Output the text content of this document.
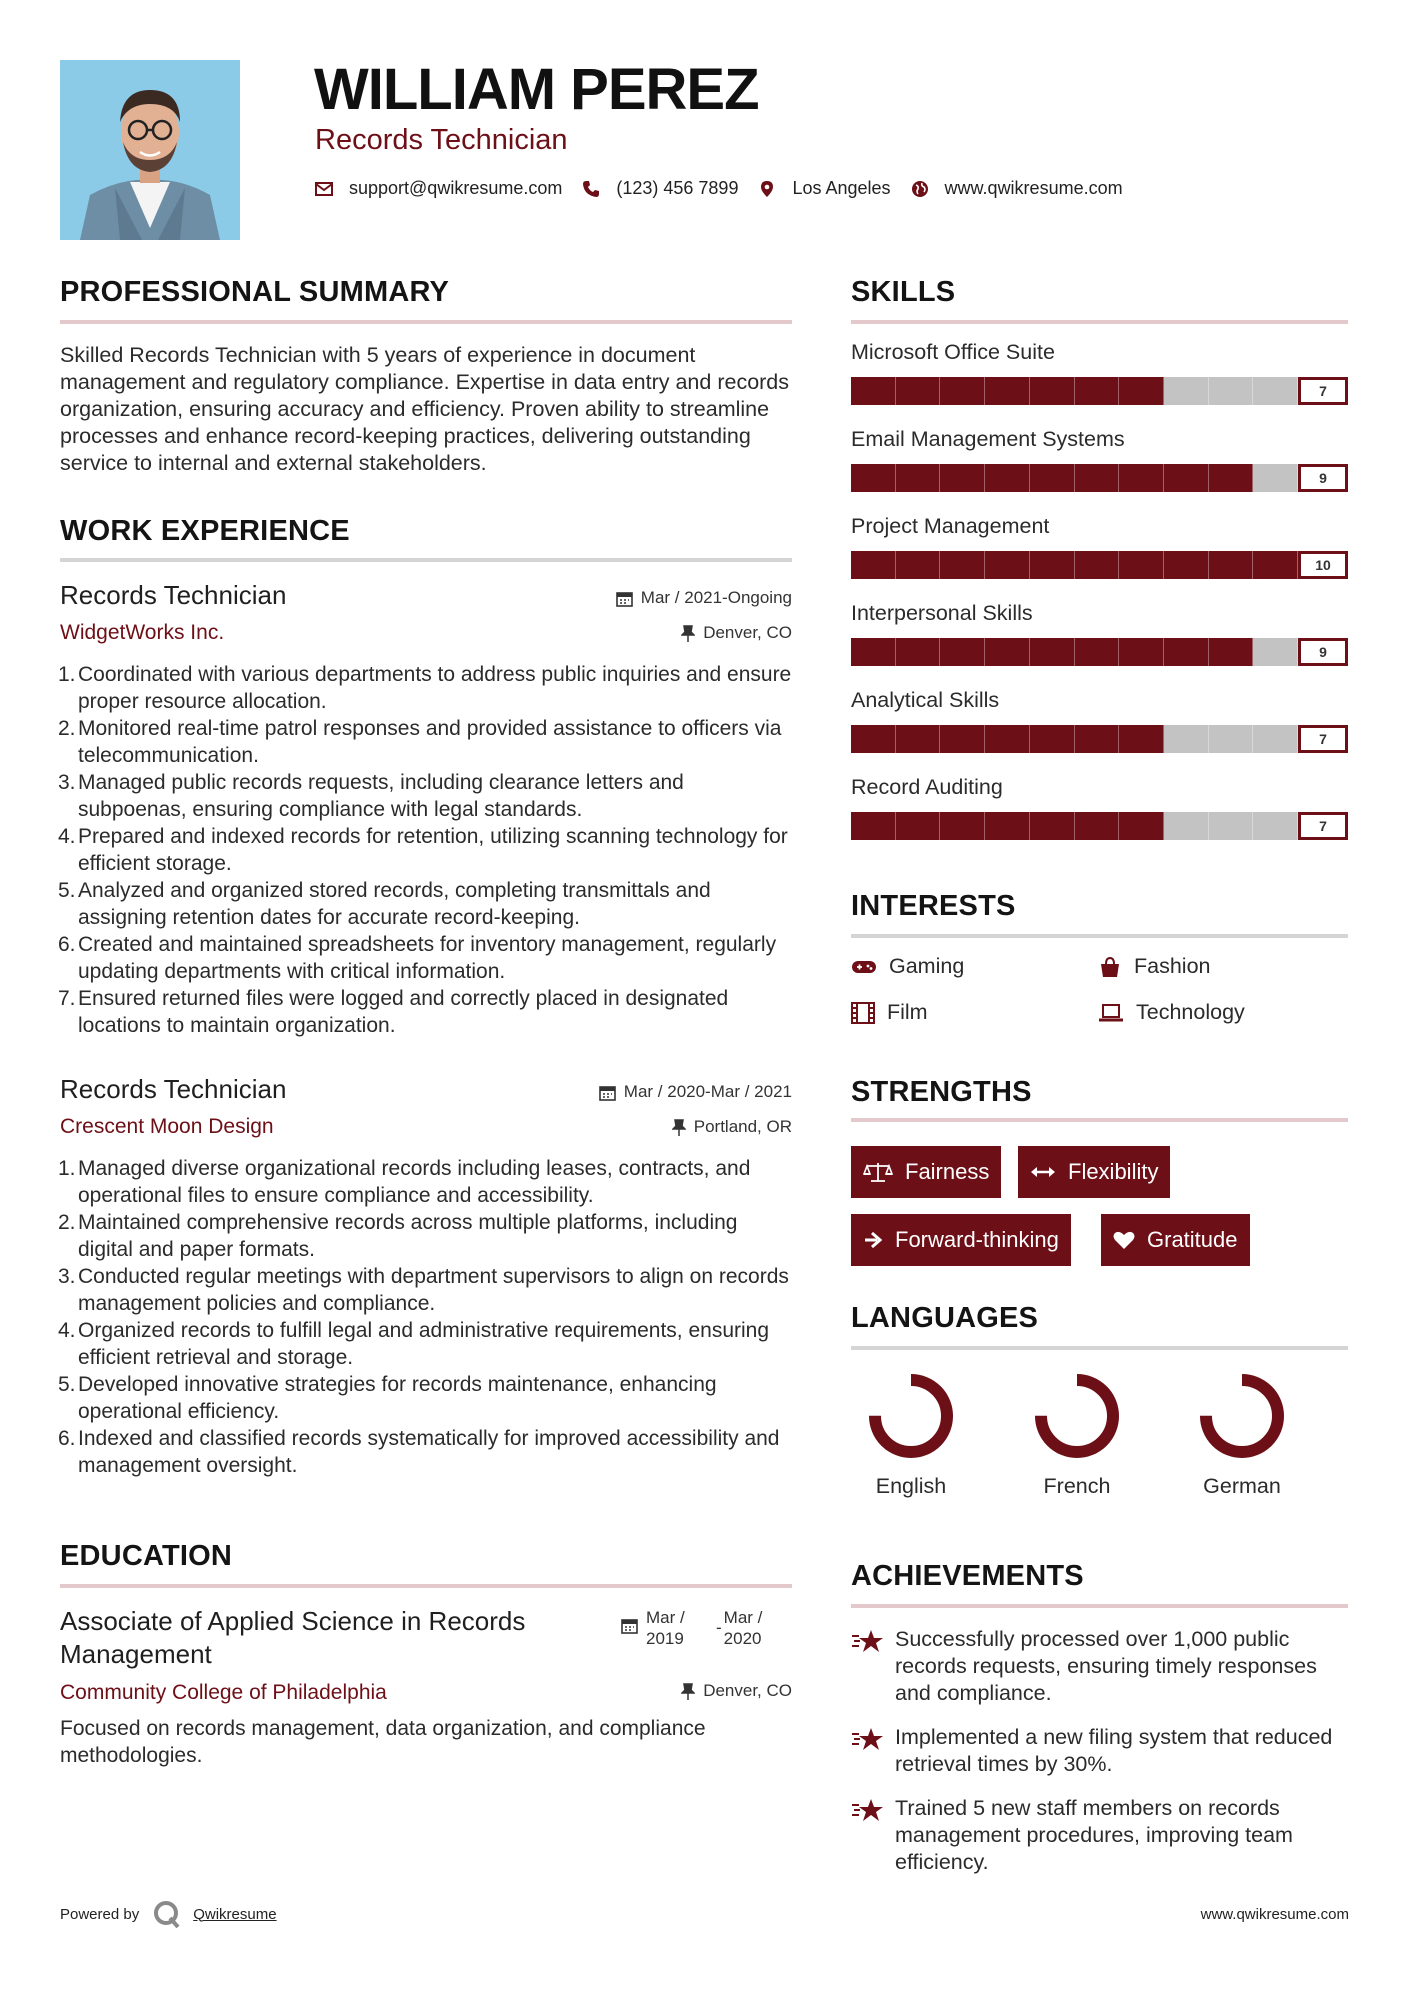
WILLIAM PEREZ
Records Technician
support@qwikresume.com	(123) 456 7899	Los Angeles	www.qwikresume.com
PROFESSIONAL SUMMARY
Skilled Records Technician with 5 years of experience in document management and regulatory compliance. Expertise in data entry and records organization, ensuring accuracy and efficiency. Proven ability to streamline processes and enhance record-keeping practices, delivering outstanding service to internal and external stakeholders.
WORK EXPERIENCE
Records Technician
WidgetWorks Inc.
Mar / 2021-Ongoing
Denver, CO
1. Coordinated with various departments to address public inquiries and ensure proper resource allocation.
2. Monitored real-time patrol responses and provided assistance to officers via telecommunication.
3. Managed public records requests, including clearance letters and subpoenas, ensuring compliance with legal standards.
4. Prepared and indexed records for retention, utilizing scanning technology for efficient storage.
5. Analyzed and organized stored records, completing transmittals and assigning retention dates for accurate record-keeping.
6. Created and maintained spreadsheets for inventory management, regularly updating departments with critical information.
7. Ensured returned files were logged and correctly placed in designated locations to maintain organization.
Records Technician
Crescent Moon Design
Mar / 2020-Mar / 2021
Portland, OR
1. Managed diverse organizational records including leases, contracts, and operational files to ensure compliance and accessibility.
2. Maintained comprehensive records across multiple platforms, including digital and paper formats.
3. Conducted regular meetings with department supervisors to align on records management policies and compliance.
4. Organized records to fulfill legal and administrative requirements, ensuring efficient retrieval and storage.
5. Developed innovative strategies for records maintenance, enhancing operational efficiency.
6. Indexed and classified records systematically for improved accessibility and management oversight.
EDUCATION
Associate of Applied Science in Records Management
Community College of Philadelphia
Focused on records management, data organization, and compliance methodologies.
Mar / 2019
-
Mar / 2020
Denver, CO
SKILLS
Microsoft Office Suite
7
Email Management Systems
9
Project Management
10
Interpersonal Skills
9
Analytical Skills
7
Record Auditing
7
INTERESTS
Gaming	Fashion
Film	Technology
STRENGTHS
Fairness	Flexibility
Forward-thinking	Gratitude
LANGUAGES
English	French	German
ACHIEVEMENTS
Successfully processed over 1,000 public records requests, ensuring timely responses and compliance.
Implemented a new filing system that reduced retrieval times by 30%.
Trained 5 new staff members on records management procedures, improving team efficiency.
Powered by	Qwikresume	www.qwikresume.com
